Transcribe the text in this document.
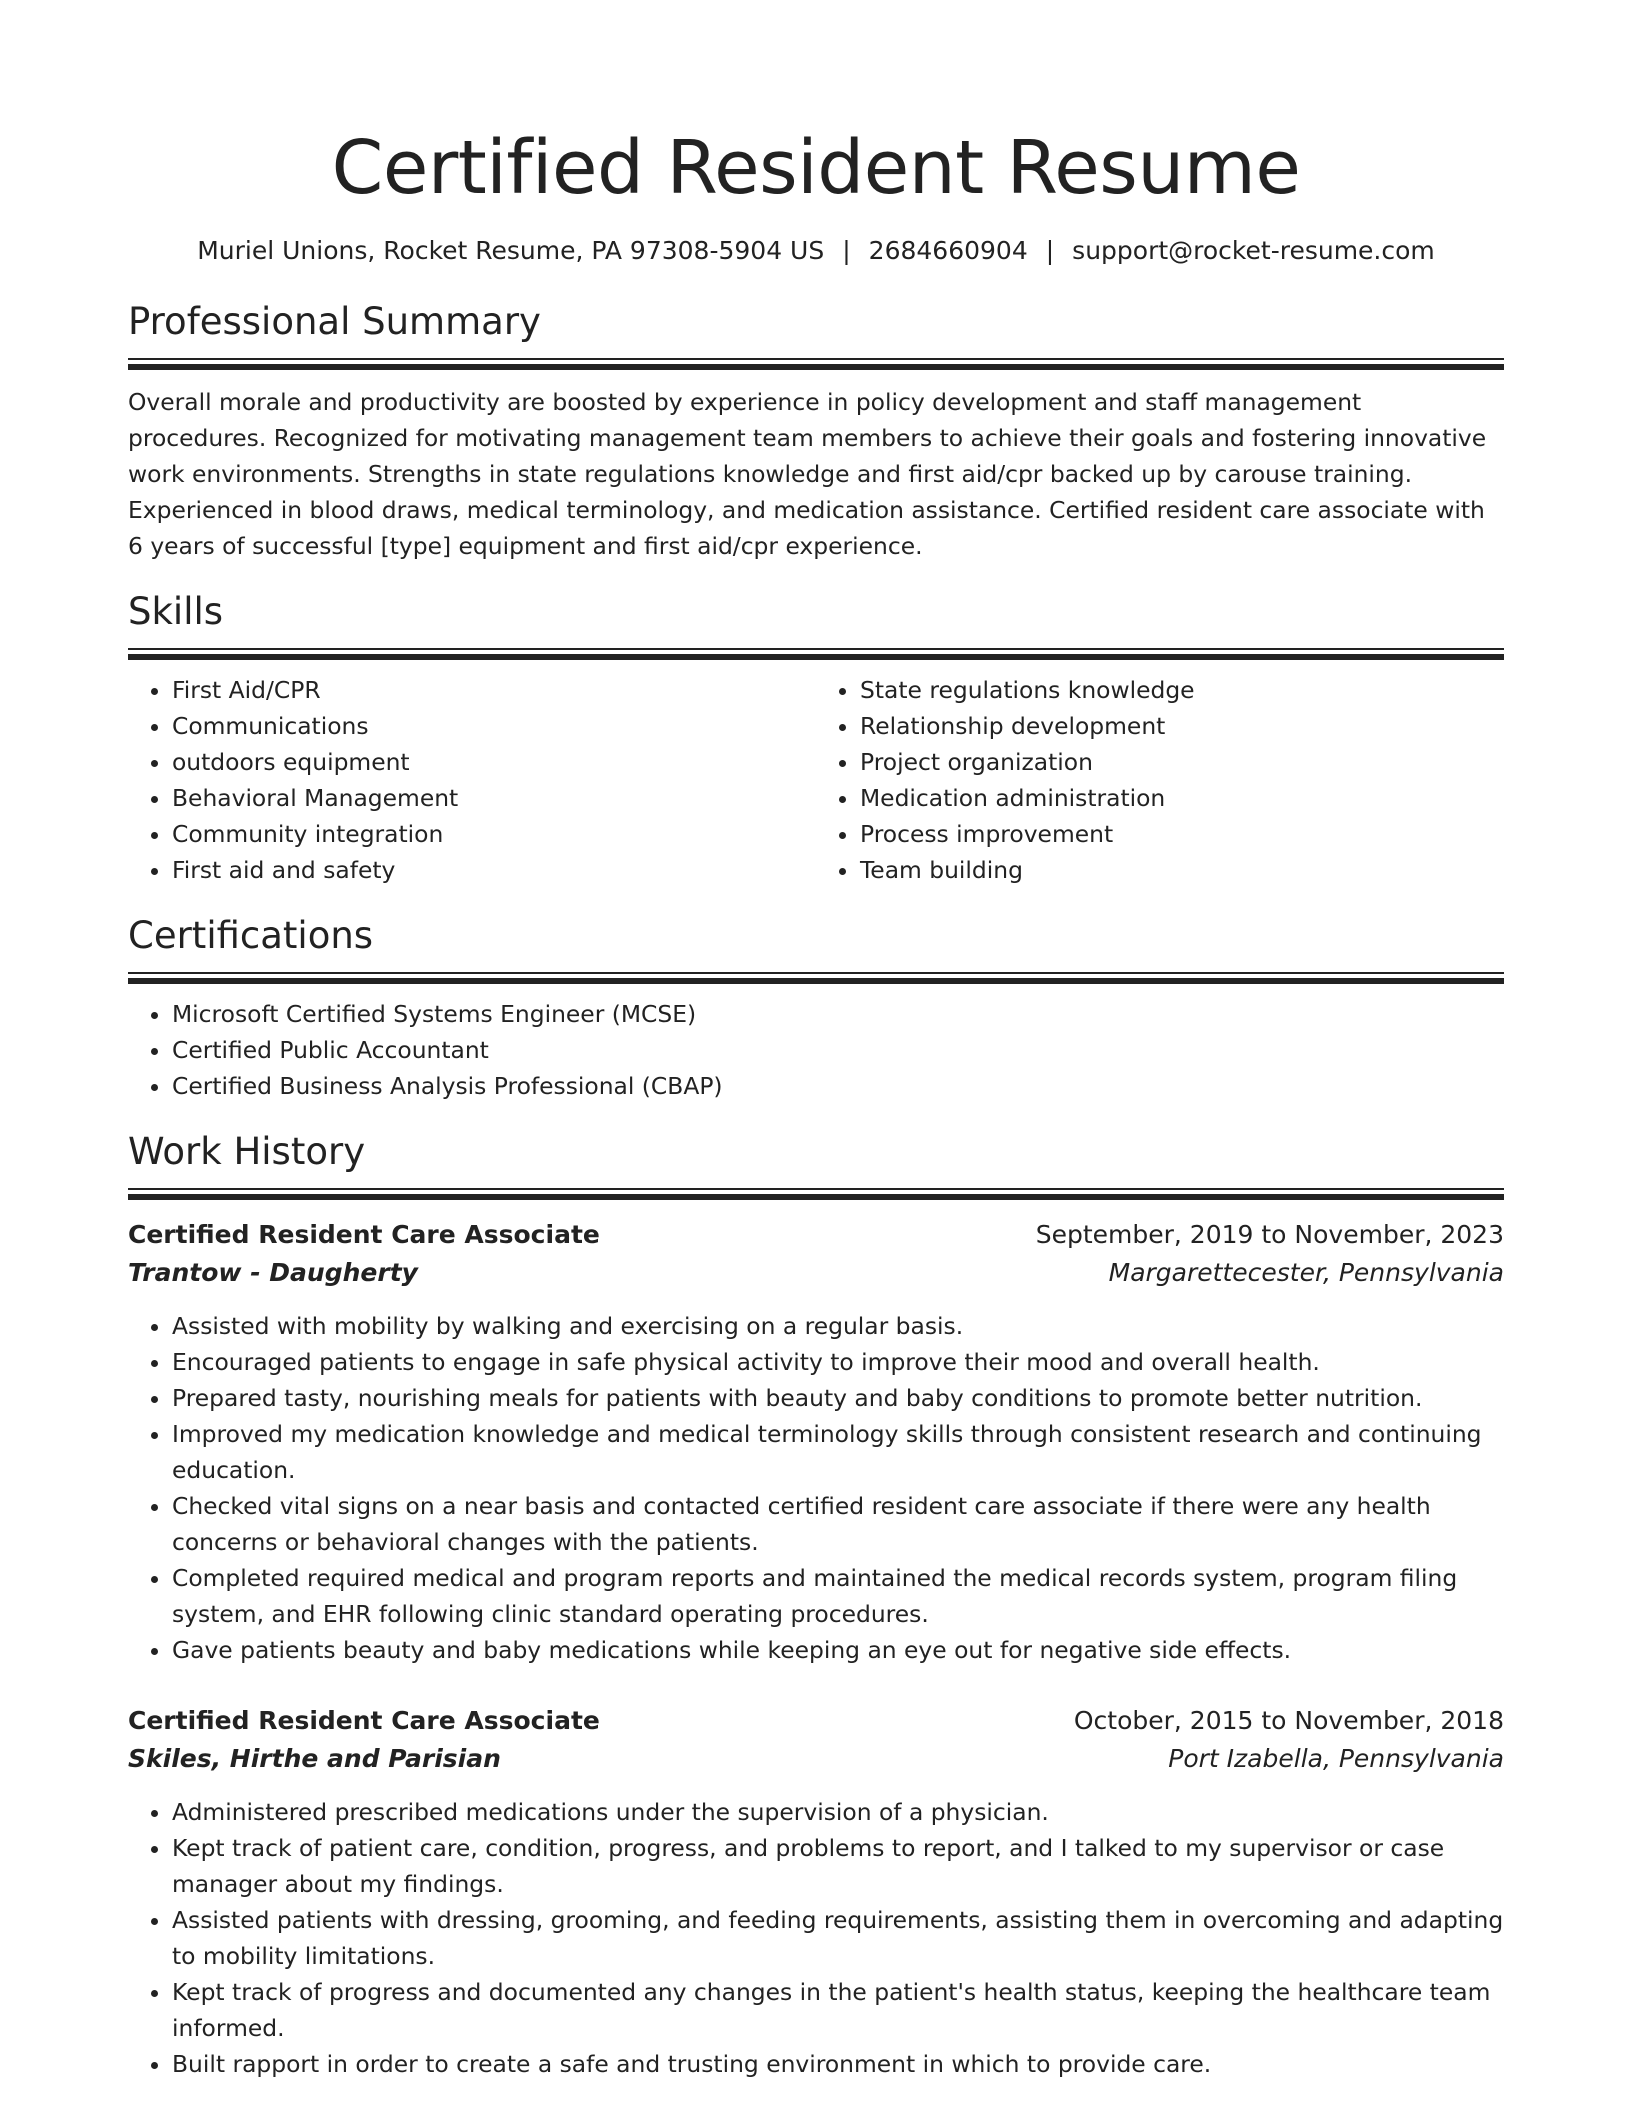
Certified Resident Resume
Muriel Unions, Rocket Resume, PA 97308-5904 US | 2684660904 | support@rocket-resume.com
Professional Summary

Overall morale and productivity are boosted by experience in policy development and staff management procedures. Recognized for motivating management team members to achieve their goals and fostering innovative work environments. Strengths in state regulations knowledge and first aid/cpr backed up by carouse training. Experienced in blood draws, medical terminology, and medication assistance. Certified resident care associate with 6 years of successful [type] equipment and first aid/cpr experience.

Skills
• First Aid/CPR
• Communications
• outdoors equipment
• Behavioral Management
• Community integration
• First aid and safety
• State regulations knowledge
• Relationship development
• Project organization
• Medication administration
• Process improvement
• Team building
Certifications
• Microsoft Certified Systems Engineer (MCSE)
• Certified Public Accountant
• Certified Business Analysis Professional (CBAP)
Work History
Certified Resident Care Associate	September, 2019 to November, 2023
Trantow - Daugherty	Margarettecester, Pennsylvania
• Assisted with mobility by walking and exercising on a regular basis.
• Encouraged patients to engage in safe physical activity to improve their mood and overall health.
• Prepared tasty, nourishing meals for patients with beauty and baby conditions to promote better nutrition.
• Improved my medication knowledge and medical terminology skills through consistent research and continuing education.
• Checked vital signs on a near basis and contacted certified resident care associate if there were any health concerns or behavioral changes with the patients.
• Completed required medical and program reports and maintained the medical records system, program filing system, and EHR following clinic standard operating procedures.
• Gave patients beauty and baby medications while keeping an eye out for negative side effects.
Certified Resident Care Associate	October, 2015 to November, 2018
Skiles, Hirthe and Parisian	Port Izabella, Pennsylvania
• Administered prescribed medications under the supervision of a physician.
• Kept track of patient care, condition, progress, and problems to report, and I talked to my supervisor or case manager about my findings.
• Assisted patients with dressing, grooming, and feeding requirements, assisting them in overcoming and adapting to mobility limitations.
• Kept track of progress and documented any changes in the patient's health status, keeping the healthcare team informed.
• Built rapport in order to create a safe and trusting environment in which to provide care.
